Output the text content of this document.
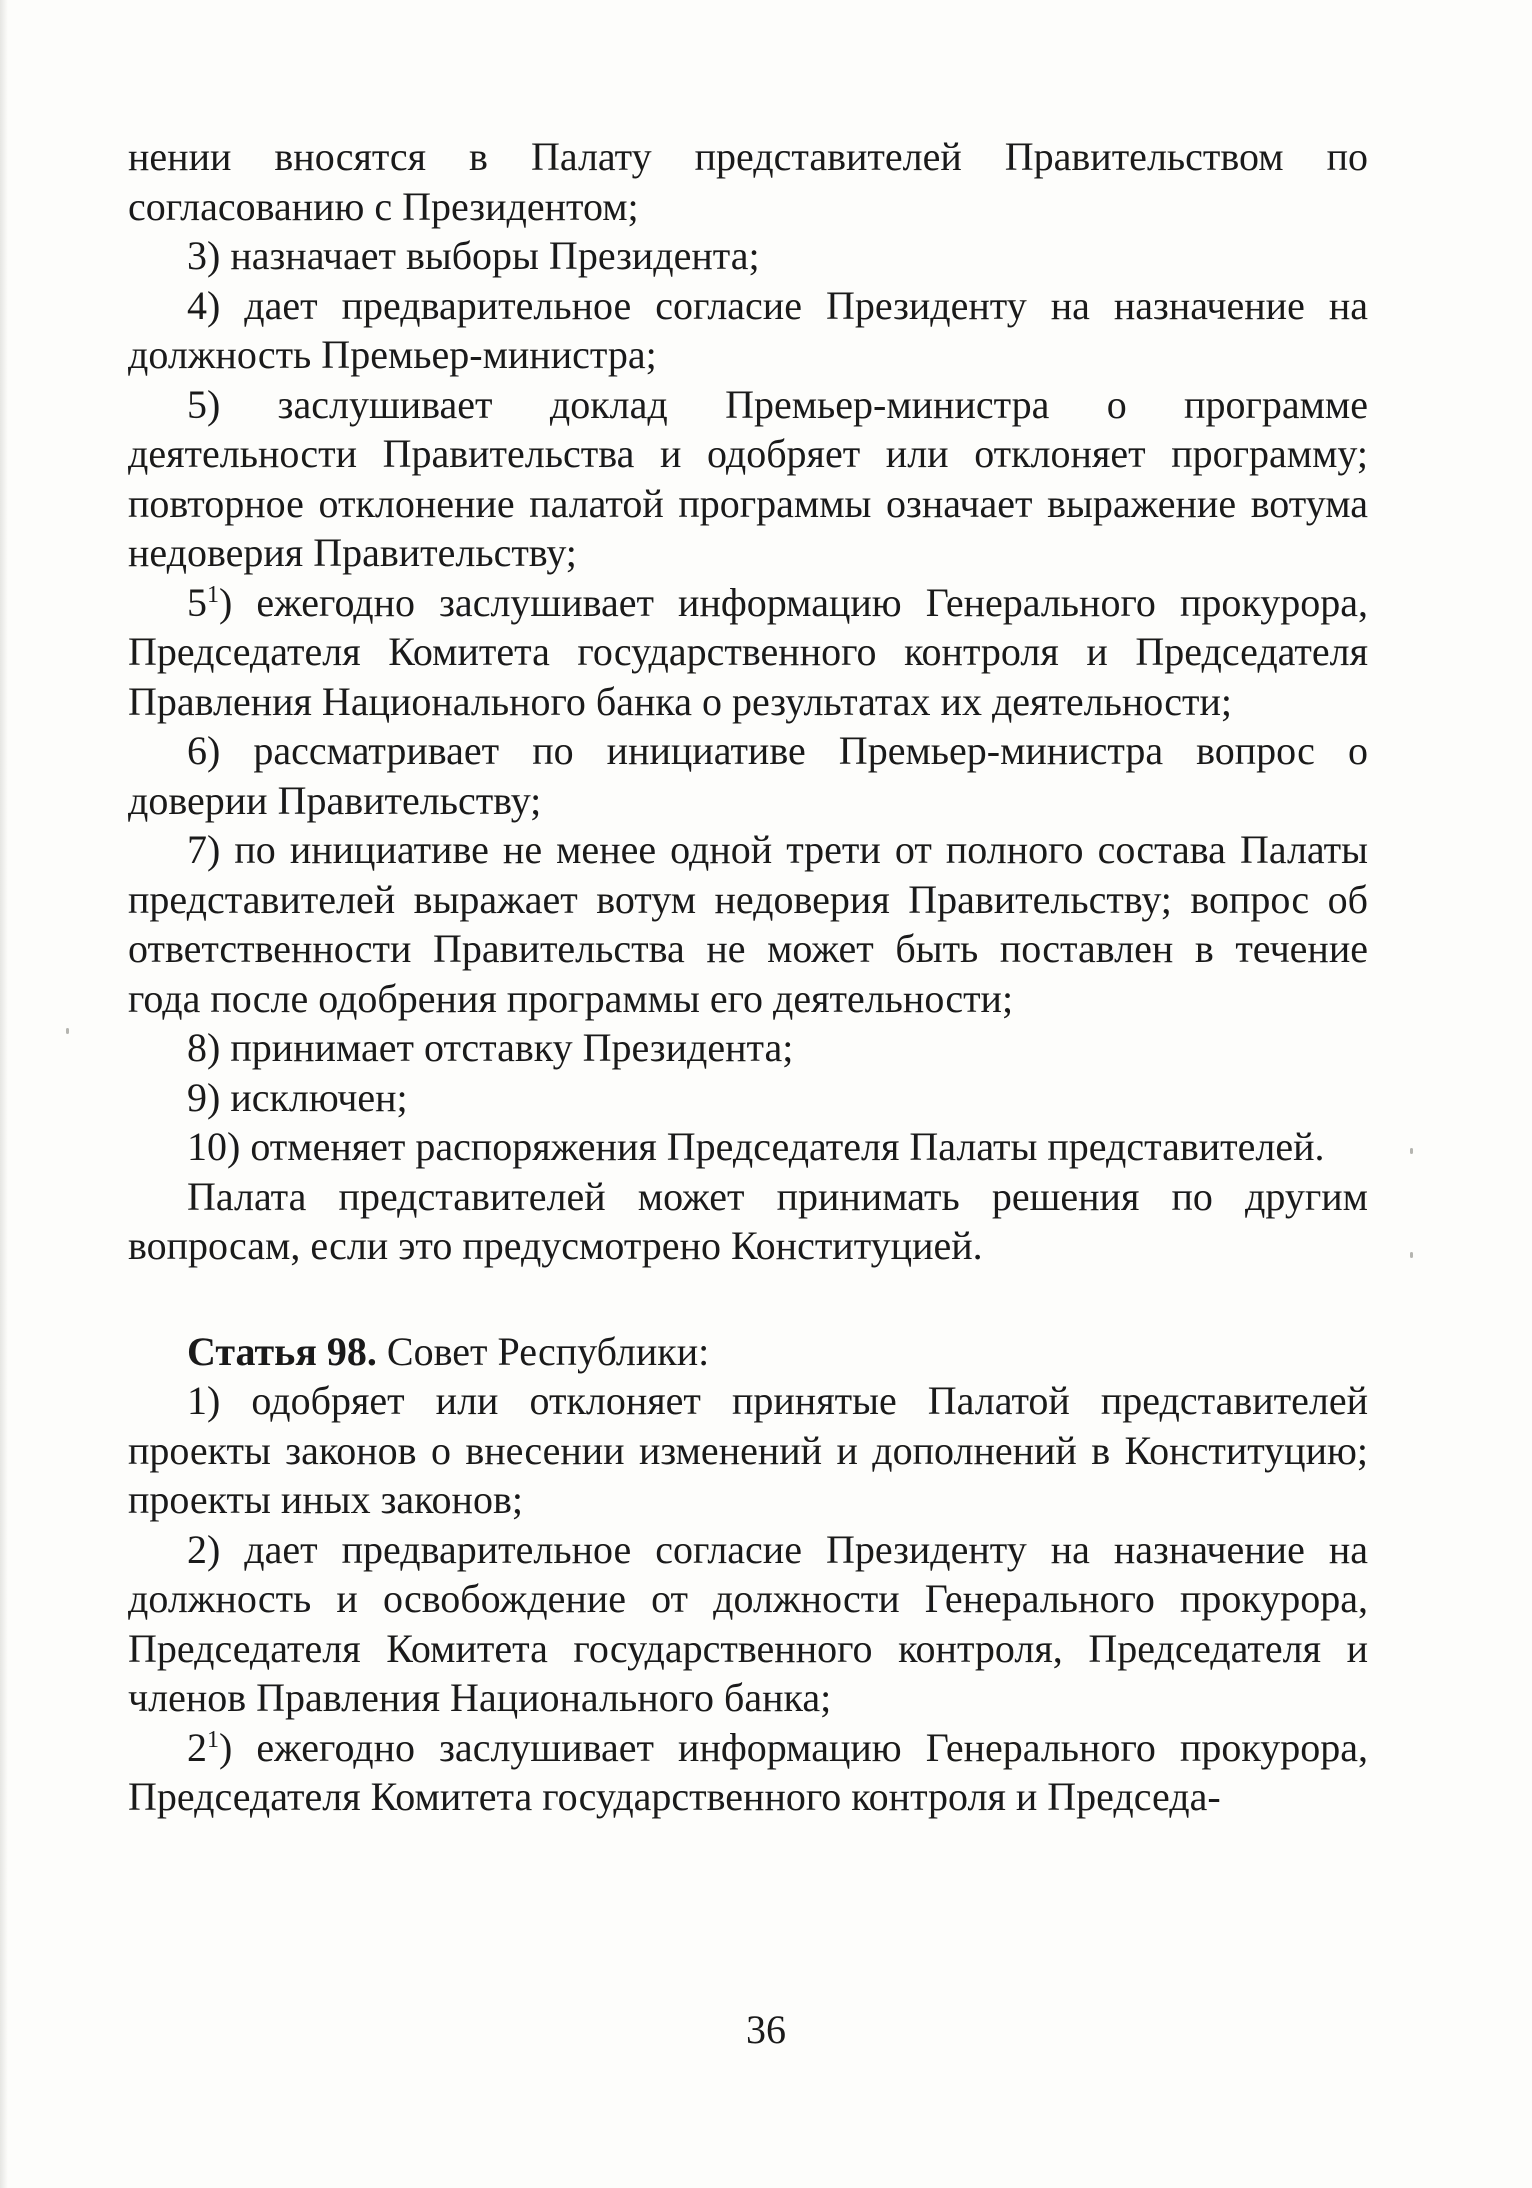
нении вносятся в Палату представителей Правительством по согласованию с Президентом;

3) назначает выборы Президента;

4) дает предварительное согласие Президенту на назначение на должность Премьер-министра;

5) заслушивает доклад Премьер-министра о программе деятельности Правительства и одобряет или отклоняет программу; повторное отклонение палатой программы означает выражение вотума недоверия Правительству;

$5^1$) ежегодно заслушивает информацию Генерального прокурора, Председателя Комитета государственного контроля и Председателя Правления Национального банка о результатах их деятельности;

6) рассматривает по инициативе Премьер-министра вопрос о доверии Правительству;

7) по инициативе не менее одной трети от полного состава Палаты представителей выражает вотум недоверия Правительству; вопрос об ответственности Правительства не может быть поставлен в течение года после одобрения программы его деятельности;

8) принимает отставку Президента;

9) исключен;

10) отменяет распоряжения Председателя Палаты представителей.

Палата представителей может принимать решения по другим вопросам, если это предусмотрено Конституцией.

Статья 98. Совет Республики:

1) одобряет или отклоняет принятые Палатой представителей проекты законов о внесении изменений и дополнений в Конституцию; проекты иных законов;

2) дает предварительное согласие Президенту на назначение на должность и освобождение от должности Генерального прокурора, Председателя Комитета государственного контроля, Председателя и членов Правления Национального банка;

$2^1$) ежегодно заслушивает информацию Генерального прокурора, Председателя Комитета государственного контроля и Председа-

36
